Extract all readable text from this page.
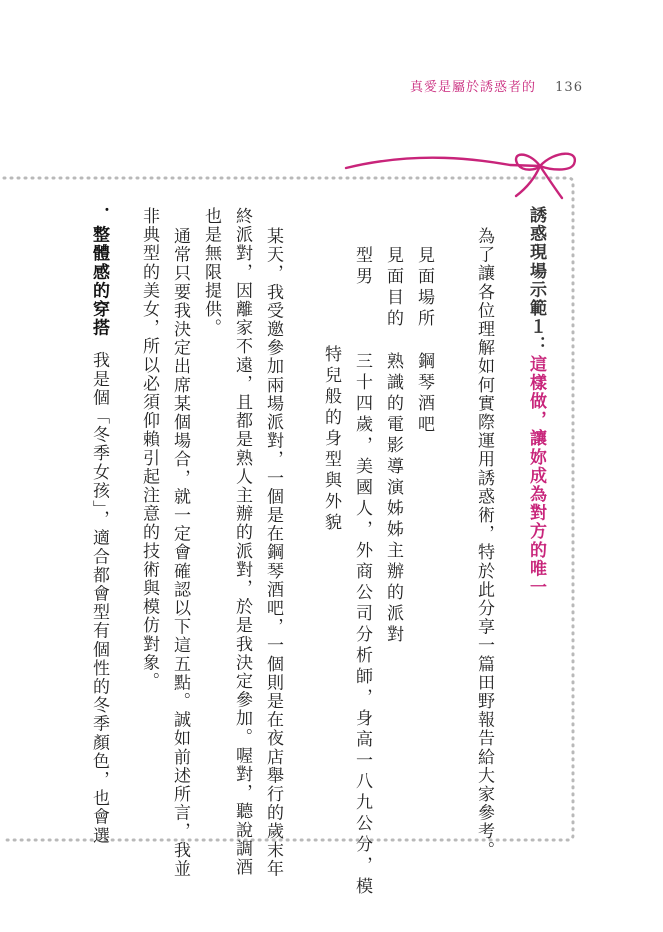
真愛是屬於誘惑者的 136
誘惑現場示範１：這樣做，讓妳成為對方的唯一
為了讓各位理解如何實際運用誘惑術，特於此分享一篇田野報告給大家參考。
見面場所
鋼琴酒吧
見面目的
熟識的電影導演姊姊主辦的派對
型男
三十四歲，美國人，外商公司分析師，身高一八九公分，模
特兒般的身型與外貌
某天，我受邀參加兩場派對，一個是在鋼琴酒吧，一個則是在夜店舉行的歲末年
終派對，因離家不遠，且都是熟人主辦的派對，於是我決定參加。喔對，聽說調酒
也是無限提供。
通常只要我決定出席某個場合，就一定會確認以下這五點。誠如前述所言，我並
非典型的美女，所以必須仰賴引起注意的技術與模仿對象。
．整體感的穿搭我是個「冬季女孩」，適合都會型有個性的冬季顏色，也會選
